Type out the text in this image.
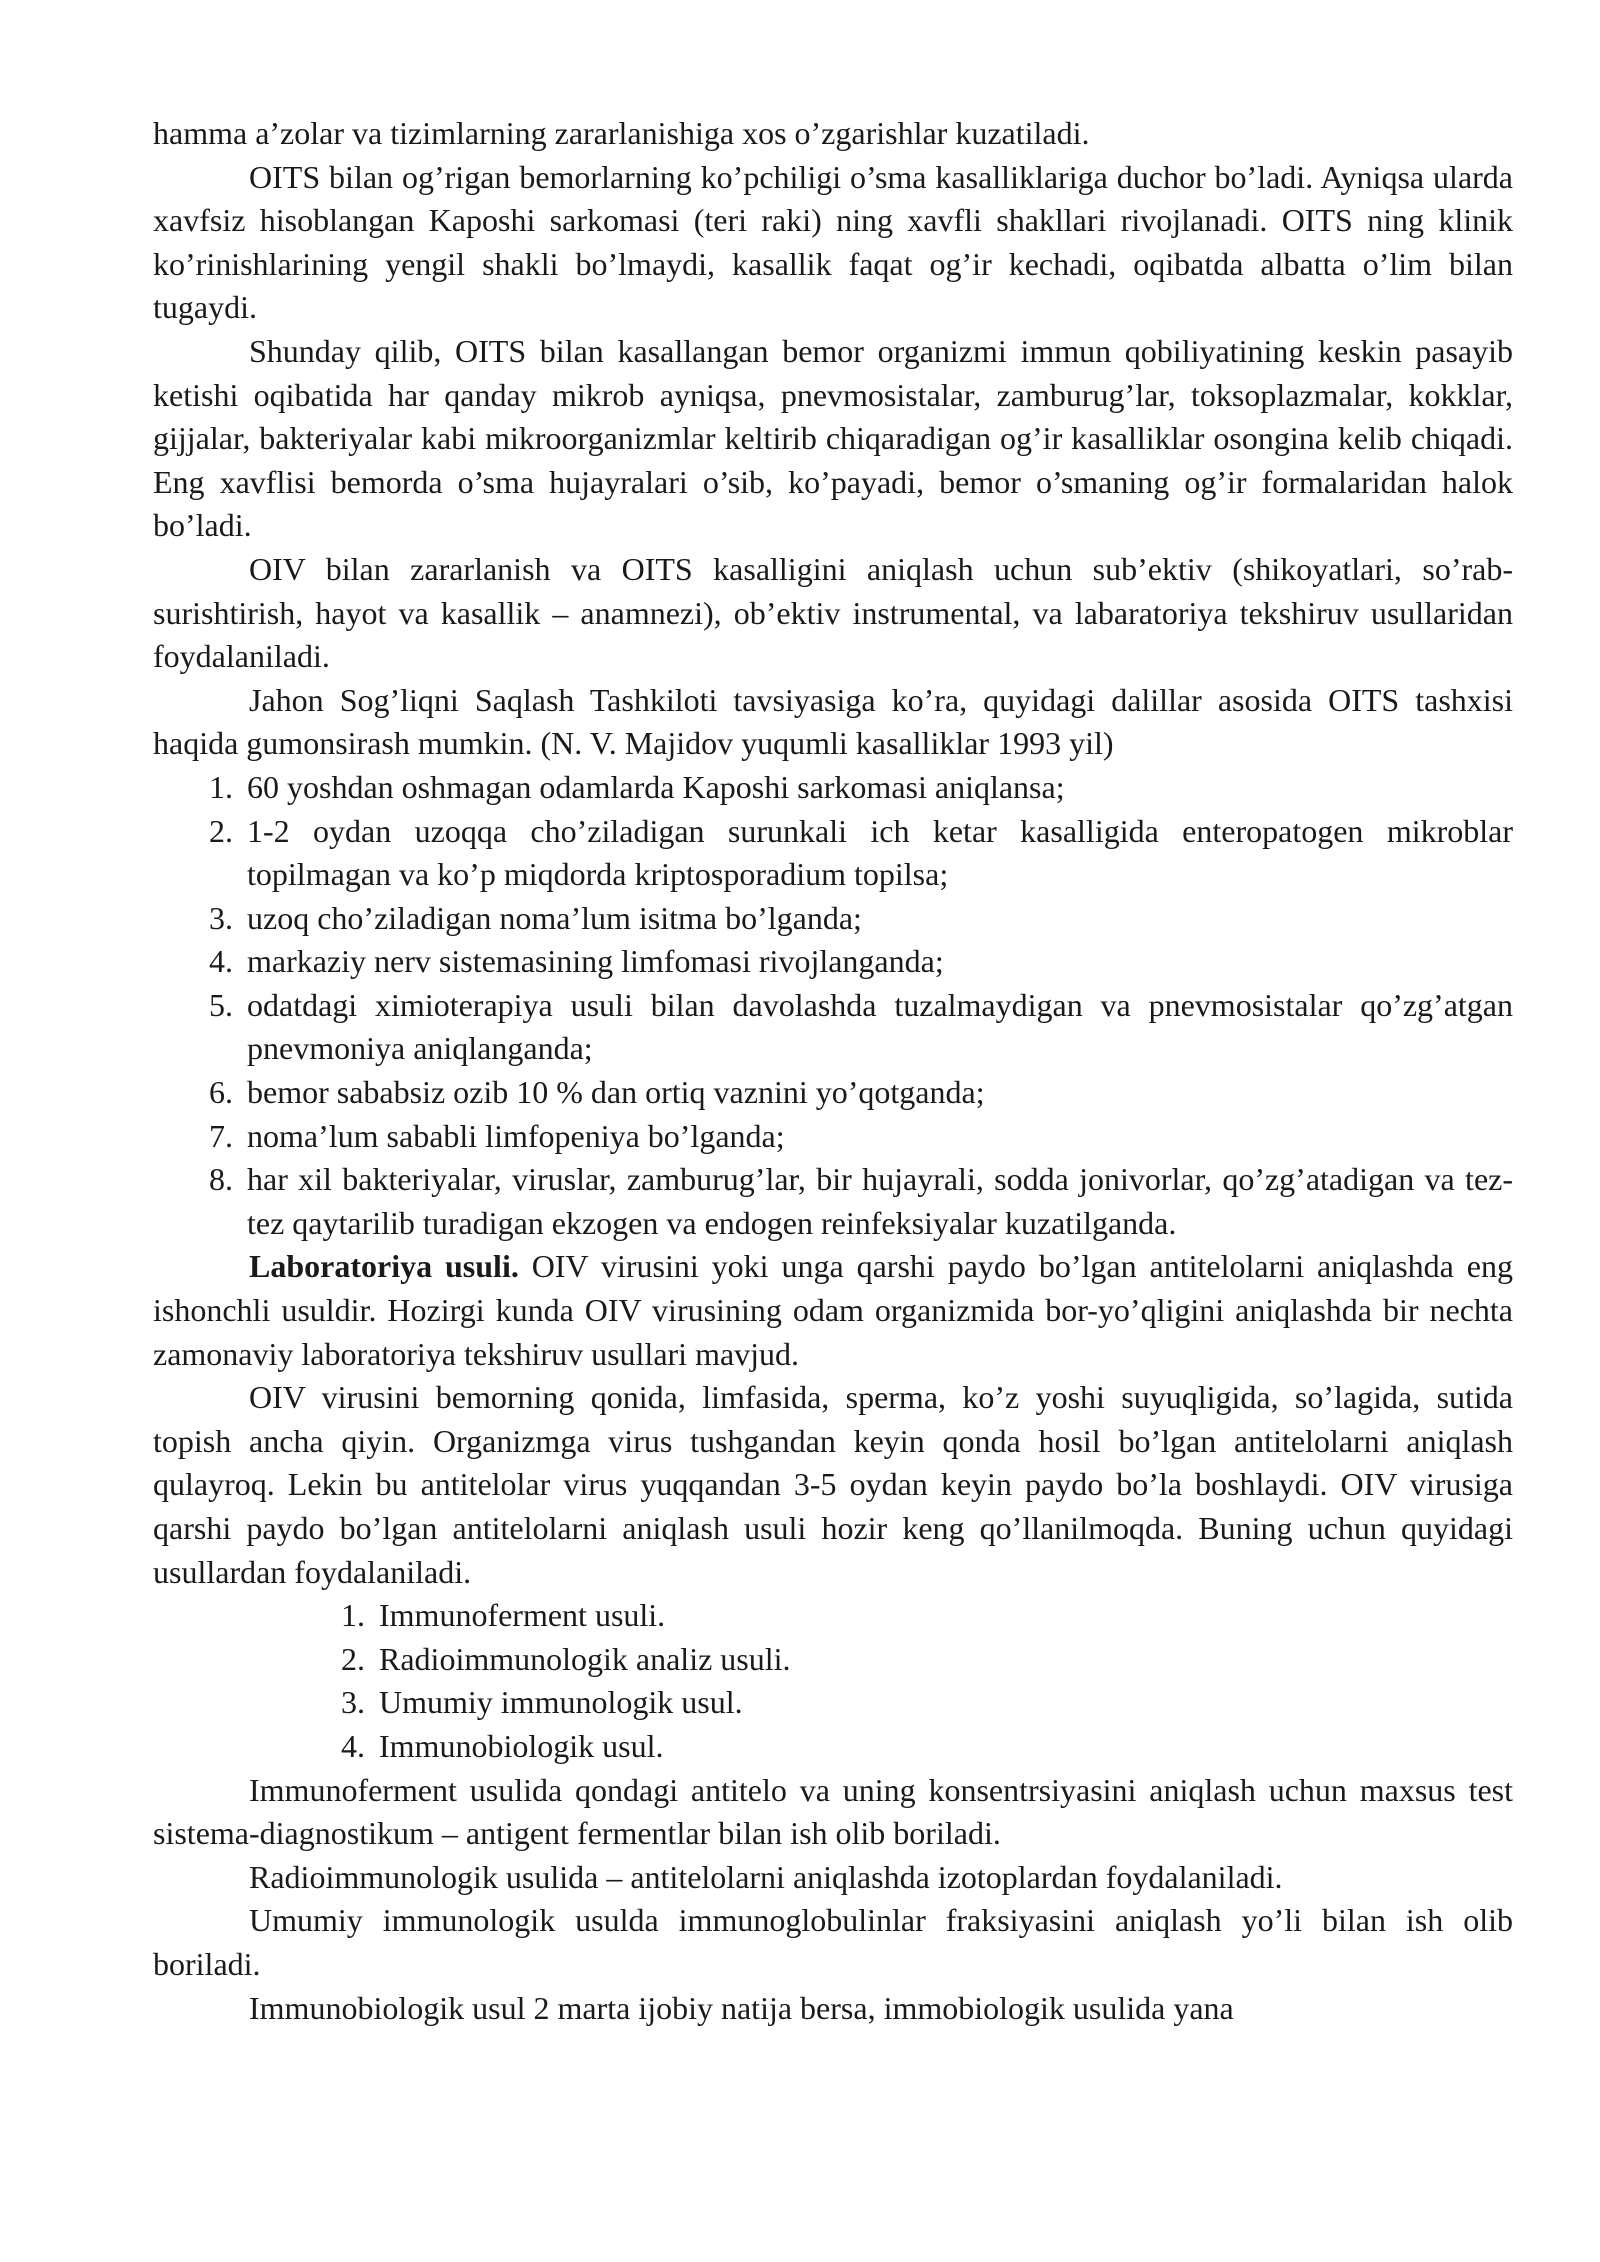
hamma a’zolar va tizimlarning zararlanishiga xos o’zgarishlar kuzatiladi.

OITS bilan og’rigan bemorlarning ko’pchiligi o’sma kasalliklariga duchor bo’ladi. Ayniqsa ularda xavfsiz hisoblangan Kaposhi sarkomasi (teri raki) ning xavfli shakllari rivojlanadi. OITS ning klinik ko’rinishlarining yengil shakli bo’lmaydi, kasallik faqat og’ir kechadi, oqibatda albatta o’lim bilan tugaydi.

Shunday qilib, OITS bilan kasallangan bemor organizmi immun qobiliyatining keskin pasayib ketishi oqibatida har qanday mikrob ayniqsa, pnevmosistalar, zamburug’lar, toksoplazmalar, kokklar, gijjalar, bakteriyalar kabi mikroorganizmlar keltirib chiqaradigan og’ir kasalliklar osongina kelib chiqadi. Eng xavflisi bemorda o’sma hujayralari o’sib, ko’payadi, bemor o’smaning og’ir formalaridan halok bo’ladi.

OIV bilan zararlanish va OITS kasalligini aniqlash uchun sub’ektiv (shikoyatlari, so’rab-surishtirish, hayot va kasallik – anamnezi), ob’ektiv instrumental, va labaratoriya tekshiruv usullaridan foydalaniladi.

Jahon Sog’liqni Saqlash Tashkiloti tavsiyasiga ko’ra, quyidagi dalillar asosida OITS tashxisi haqida gumonsirash mumkin. (N. V. Majidov yuqumli kasalliklar 1993 yil)

1. 60 yoshdan oshmagan odamlarda Kaposhi sarkomasi aniqlansa;
2. 1-2 oydan uzoqqa cho’ziladigan surunkali ich ketar kasalligida enteropatogen mikroblar topilmagan va ko’p miqdorda kriptosporadium topilsa;
3. uzoq cho’ziladigan noma’lum isitma bo’lganda;
4. markaziy nerv sistemasining limfomasi rivojlanganda;
5. odatdagi ximioterapiya usuli bilan davolashda tuzalmaydigan va pnevmosistalar qo’zg’atgan pnevmoniya aniqlanganda;
6. bemor sababsiz ozib 10 % dan ortiq vaznini yo’qotganda;
7. noma’lum sababli limfopeniya bo’lganda;
8. har xil bakteriyalar, viruslar, zamburug’lar, bir hujayrali, sodda jonivorlar, qo’zg’atadigan va tez-tez qaytarilib turadigan ekzogen va endogen reinfeksiyalar kuzatilganda.

Laboratoriya usuli. OIV virusini yoki unga qarshi paydo bo’lgan antitelolarni aniqlashda eng ishonchli usuldir. Hozirgi kunda OIV virusining odam organizmida bor-yo’qligini aniqlashda bir nechta zamonaviy laboratoriya tekshiruv usullari mavjud.

OIV virusini bemorning qonida, limfasida, sperma, ko’z yoshi suyuqligida, so’lagida, sutida topish ancha qiyin. Organizmga virus tushgandan keyin qonda hosil bo’lgan antitelolarni aniqlash qulayroq. Lekin bu antitelolar virus yuqqandan 3-5 oydan keyin paydo bo’la boshlaydi. OIV virusiga qarshi paydo bo’lgan antitelolarni aniqlash usuli hozir keng qo’llanilmoqda. Buning uchun quyidagi usullardan foydalaniladi.

1. Immunoferment usuli.
2. Radioimmunologik analiz usuli.
3. Umumiy immunologik usul.
4. Immunobiologik usul.

Immunoferment usulida qondagi antitelo va uning konsentrsiyasini aniqlash uchun maxsus test sistema-diagnostikum – antigent fermentlar bilan ish olib boriladi.

Radioimmunologik usulida – antitelolarni aniqlashda izotoplardan foydalaniladi.

Umumiy immunologik usulda immunoglobulinlar fraksiyasini aniqlash yo’li bilan ish olib boriladi.

Immunobiologik usul 2 marta ijobiy natija bersa, immobiologik usulida yana
